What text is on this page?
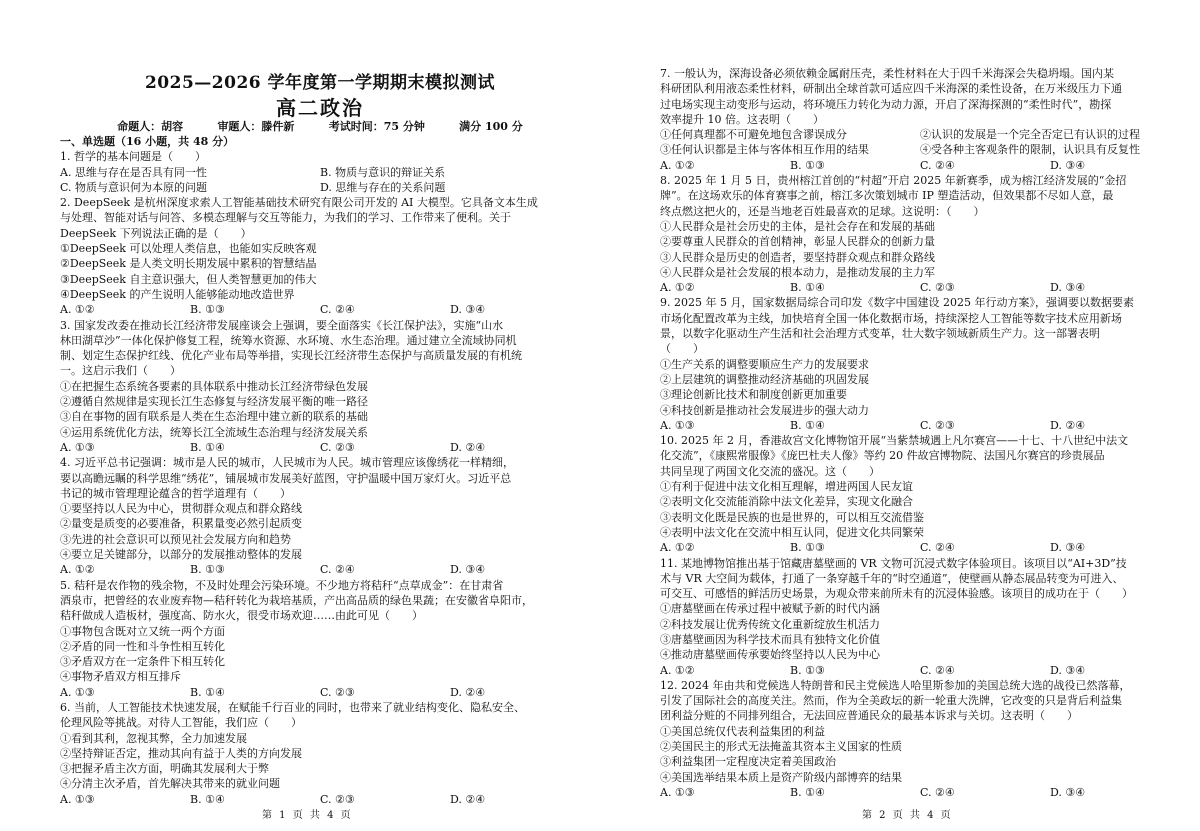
2025—2026 学年度第一学期期末模拟测试
高二政治
命题人：胡容	审题人：滕件新	考试时间：75 分钟	满分 100 分
一、单选题（16 小题，共 48 分）
1. 哲学的基本问题是（　　）
A. 思维与存在是否具有同一性	B. 物质与意识的辩证关系
C. 物质与意识何为本原的问题	D. 思维与存在的关系问题
2. DeepSeek 是杭州深度求索人工智能基础技术研究有限公司开发的 AI 大模型。它具备文本生成
与处理、智能对话与问答、多模态理解与交互等能力，为我们的学习、工作带来了便利。关于
DeepSeek 下列说法正确的是（　　）
①DeepSeek 可以处理人类信息，也能如实反映客观
②DeepSeek 是人类文明长期发展中累积的智慧结晶
③DeepSeek 自主意识强大，但人类智慧更加的伟大
④DeepSeek 的产生说明人能够能动地改造世界
A. ①②	B. ①③	C. ②④	D. ③④
3. 国家发改委在推动长江经济带发展座谈会上强调，要全面落实《长江保护法》，实施“山水
林田湖草沙”一体化保护修复工程，统筹水资源、水环境、水生态治理。通过建立全流域协同机
制、划定生态保护红线、优化产业布局等举措，实现长江经济带生态保护与高质量发展的有机统
一。这启示我们（　　）
①在把握生态系统各要素的具体联系中推动长江经济带绿色发展
②遵循自然规律是实现长江生态修复与经济发展平衡的唯一路径
③自在事物的固有联系是人类在生态治理中建立新的联系的基础
④运用系统优化方法，统筹长江全流域生态治理与经济发展关系
A. ①③	B. ①④	C. ②③	D. ②④
4. 习近平总书记强调：城市是人民的城市，人民城市为人民。城市管理应该像绣花一样精细，
要以高瞻远瞩的科学思维“绣花”，铺展城市发展美好蓝图，守护温暖中国万家灯火。习近平总
书记的城市管理理论蕴含的哲学道理有（　　）
①要坚持以人民为中心，贯彻群众观点和群众路线
②量变是质变的必要准备，积累量变必然引起质变
③先进的社会意识可以预见社会发展方向和趋势
④要立足关键部分，以部分的发展推动整体的发展
A. ①②	B. ①③	C. ②④	D. ③④
5. 秸秆是农作物的残余物，不及时处理会污染环境。不少地方将秸秆“点草成金”：在甘肃省
酒泉市，把曾经的农业废弃物—秸秆转化为栽培基质，产出高品质的绿色果蔬；在安徽省阜阳市，
秸秆做成人造板材，强度高、防水火，很受市场欢迎……由此可见（　　）
①事物包含既对立又统一两个方面
②矛盾的同一性和斗争性相互转化
③矛盾双方在一定条件下相互转化
④事物矛盾双方相互排斥
A. ①③	B. ①④	C. ②③	D. ②④
6. 当前，人工智能技术快速发展，在赋能千行百业的同时，也带来了就业结构变化、隐私安全、
伦理风险等挑战。对待人工智能，我们应（　　）
①看到其利，忽视其弊，全力加速发展
②坚持辩证否定，推动其向有益于人类的方向发展
③把握矛盾主次方面，明确其发展利大于弊
④分清主次矛盾，首先解决其带来的就业问题
A. ①③	B. ①④	C. ②③	D. ②④
7. 一般认为，深海设备必须依赖金属耐压壳，柔性材料在大于四千米海深会失稳坍塌。国内某
科研团队利用液态柔性材料，研制出全球首款可适应四千米海深的柔性设备，在万米级压力下通
过电场实现主动变形与运动，将环境压力转化为动力源，开启了深海探测的“柔性时代”，勘探
效率提升 10 倍。这表明（　　）
①任何真理都不可避免地包含谬误成分	②认识的发展是一个完全否定已有认识的过程
③任何认识都是主体与客体相互作用的结果	④受各种主客观条件的限制，认识具有反复性
A. ①②	B. ①③	C. ②④	D. ③④
8. 2025 年 1 月 5 日，贵州榕江首创的“村超”开启 2025 年新赛季，成为榕江经济发展的“金招
牌”。在这场欢乐的体育赛事之前，榕江多次策划城市 IP 塑造活动，但效果都不尽如人意，最
终点燃这把火的，还是当地老百姓最喜欢的足球。这说明：（　　）
①人民群众是社会历史的主体，是社会存在和发展的基础
②要尊重人民群众的首创精神，彰显人民群众的创新力量
③人民群众是历史的创造者，要坚持群众观点和群众路线
④人民群众是社会发展的根本动力，是推动发展的主力军
A. ①②	B. ①④	C. ②③	D. ③④
9. 2025 年 5 月，国家数据局综合司印发《数字中国建设 2025 年行动方案》，强调要以数据要素
市场化配置改革为主线，加快培育全国一体化数据市场，持续深挖人工智能等数字技术应用新场
景，以数字化驱动生产生活和社会治理方式变革，壮大数字领域新质生产力。这一部署表明
（　　）
①生产关系的调整要顺应生产力的发展要求
②上层建筑的调整推动经济基础的巩固发展
③理论创新比技术和制度创新更加重要
④科技创新是推动社会发展进步的强大动力
A. ①③	B. ①④	C. ②③	D. ②④
10. 2025 年 2 月，香港故宫文化博物馆开展“当紫禁城遇上凡尔赛宫——十七、十八世纪中法文
化交流”，《康熙常服像》《庞巴杜夫人像》等约 20 件故宫博物院、法国凡尔赛宫的珍贵展品
共同呈现了两国文化交流的盛况。这（　　）
①有利于促进中法文化相互理解，增进两国人民友谊
②表明文化交流能消除中法文化差异，实现文化融合
③表明文化既是民族的也是世界的，可以相互交流借鉴
④表明中法文化在交流中相互认同，促进文化共同繁荣
A. ①②	B. ①③	C. ②④	D. ③④
11. 某地博物馆推出基于馆藏唐墓壁画的 VR 文物可沉浸式数字体验项目。该项目以“AI+3D”技
术与 VR 大空间为载体，打通了一条穿越千年的“时空通道”，使壁画从静态展品转变为可进入、
可交互、可感悟的鲜活历史场景，为观众带来前所未有的沉浸体验感。该项目的成功在于（　　）
①唐墓壁画在传承过程中被赋予新的时代内涵
②科技发展让优秀传统文化重新绽放生机活力
③唐墓壁画因为科学技术而具有独特文化价值
④推动唐墓壁画传承要始终坚持以人民为中心
A. ①②	B. ①③	C. ②④	D. ③④
12. 2024 年由共和党候选人特朗普和民主党候选人哈里斯参加的美国总统大选的战役已然落幕，
引发了国际社会的高度关注。然而，作为全美政坛的新一轮重大洗牌，它改变的只是背后利益集
团利益分赃的不同排列组合，无法回应普通民众的最基本诉求与关切。这表明（　　）
①美国总统仅代表利益集团的利益
②美国民主的形式无法掩盖其资本主义国家的性质
③利益集团一定程度决定着美国政治
④美国选举结果本质上是资产阶级内部博弈的结果
A. ①③	B. ①④	C. ②④	D. ③④
第 1 页 共 4 页	第 2 页 共 4 页
